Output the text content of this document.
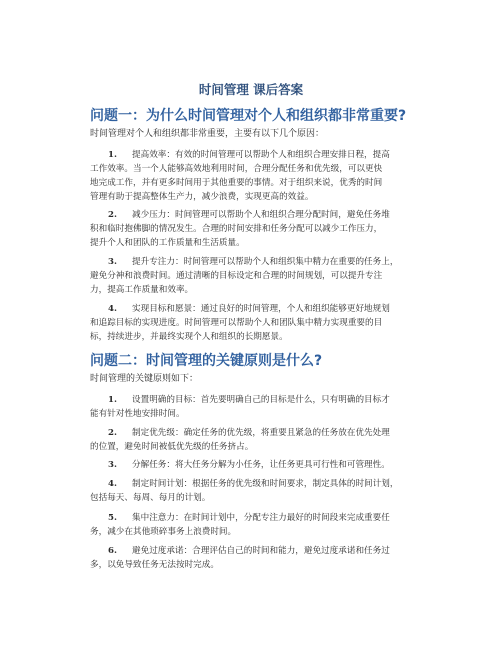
时间管理 课后答案
问题一：为什么时间管理对个人和组织都非常重要?
时间管理对个人和组织都非常重要，主要有以下几个原因：
1. 提高效率：有效的时间管理可以帮助个人和组织合理安排日程，提高
工作效率。当一个人能够高效地利用时间，合理分配任务和优先级，可以更快
地完成工作，并有更多时间用于其他重要的事情。对于组织来说，优秀的时间
管理有助于提高整体生产力，减少浪费，实现更高的效益。
2. 减少压力：时间管理可以帮助个人和组织合理分配时间，避免任务堆
积和临时抱佛脚的情况发生。合理的时间安排和任务分配可以减少工作压力，
提升个人和团队的工作质量和生活质量。
3. 提升专注力：时间管理可以帮助个人和组织集中精力在重要的任务上，
避免分神和浪费时间。通过清晰的目标设定和合理的时间规划，可以提升专注
力，提高工作质量和效率。
4. 实现目标和愿景：通过良好的时间管理，个人和组织能够更好地规划
和追踪目标的实现进度。时间管理可以帮助个人和团队集中精力实现重要的目
标，持续进步，并最终实现个人和组织的长期愿景。
问题二：时间管理的关键原则是什么?
时间管理的关键原则如下：
1. 设置明确的目标：首先要明确自己的目标是什么，只有明确的目标才
能有针对性地安排时间。
2. 制定优先级：确定任务的优先级，将重要且紧急的任务放在优先处理
的位置，避免时间被低优先级的任务挤占。
3. 分解任务：将大任务分解为小任务，让任务更具可行性和可管理性。
4. 制定时间计划：根据任务的优先级和时间要求，制定具体的时间计划，
包括每天、每周、每月的计划。
5. 集中注意力：在时间计划中，分配专注力最好的时间段来完成重要任
务，减少在其他琐碎事务上浪费时间。
6. 避免过度承诺：合理评估自己的时间和能力，避免过度承诺和任务过
多，以免导致任务无法按时完成。
